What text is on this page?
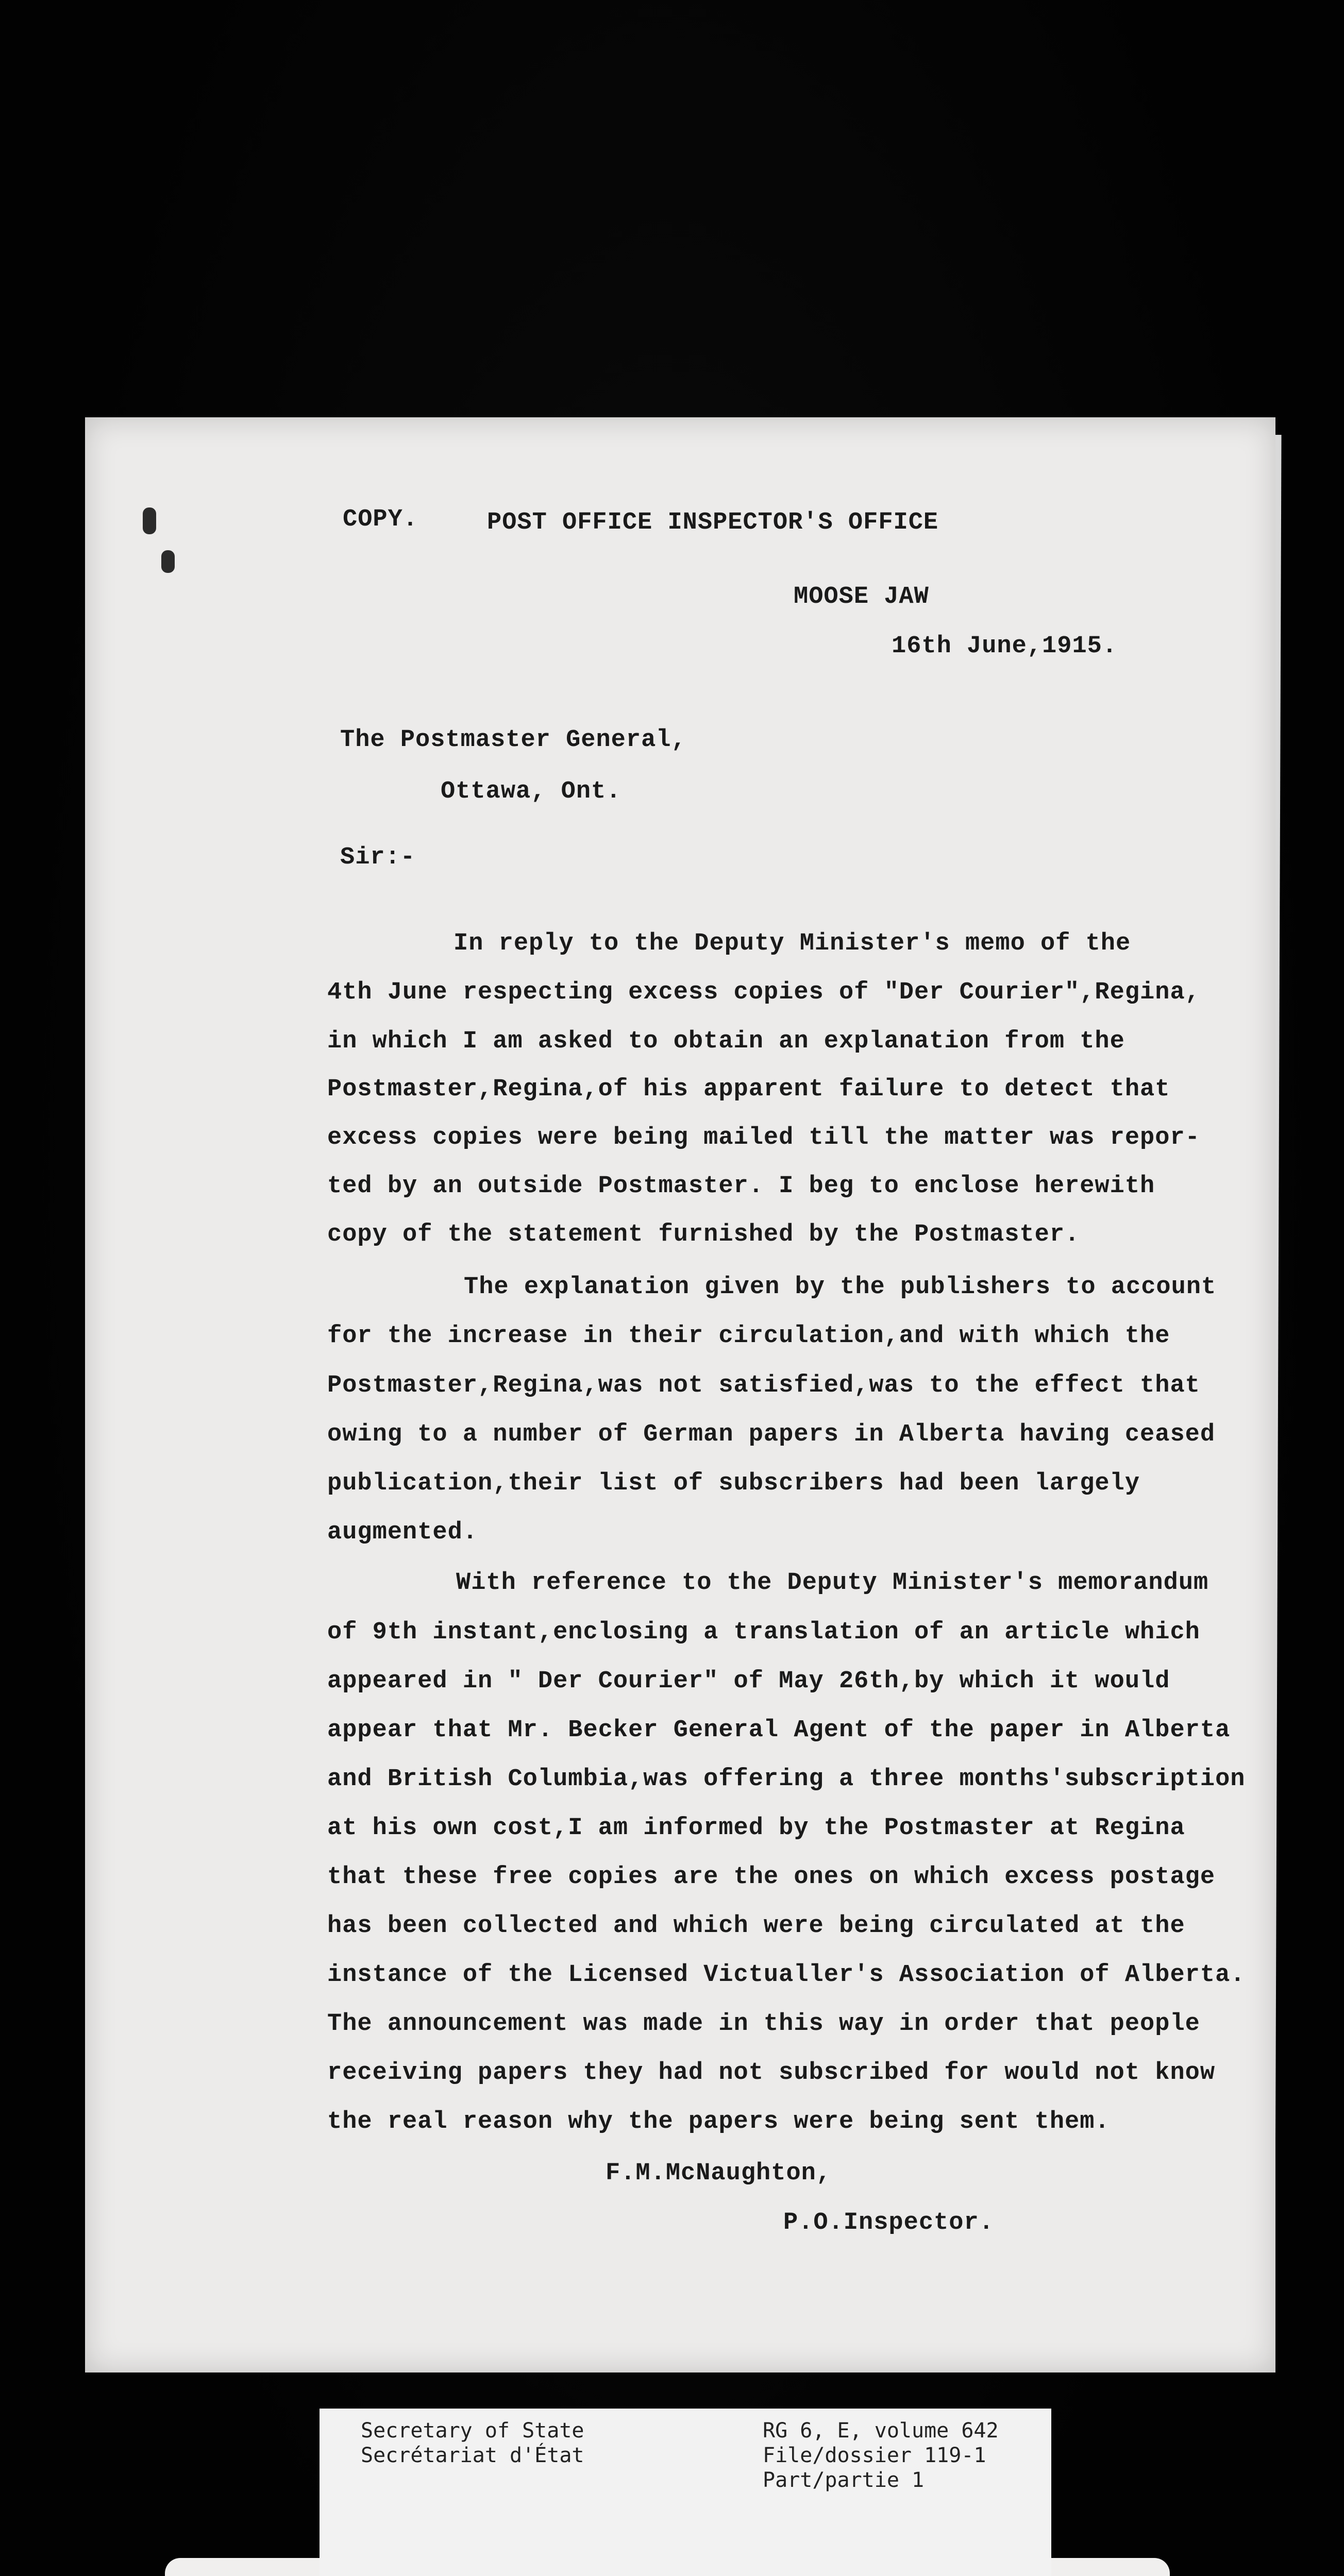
COPY.	POST OFFICE INSPECTOR'S OFFICE
MOOSE JAW
16th June,1915.
The Postmaster General,
Ottawa, Ont.
Sir:-
In reply to the Deputy Minister's memo of the
4th June respecting excess copies of "Der Courier",Regina,
in which I am asked to obtain an explanation from the
Postmaster,Regina,of his apparent failure to detect that
excess copies were being mailed till the matter was repor-
ted by an outside Postmaster. I beg to enclose herewith
copy of the statement furnished by the Postmaster.
The explanation given by the publishers to account
for the increase in their circulation,and with which the
Postmaster,Regina,was not satisfied,was to the effect that
owing to a number of German papers in Alberta having ceased
publication,their list of subscribers had been largely
augmented.
With reference to the Deputy Minister's memorandum
of 9th instant,enclosing a translation of an article which
appeared in " Der Courier" of May 26th,by which it would
appear that Mr. Becker General Agent of the paper in Alberta
and British Columbia,was offering a three months'subscription
at his own cost,I am informed by the Postmaster at Regina
that these free copies are the ones on which excess postage
has been collected and which were being circulated at the
instance of the Licensed Victualler's Association of Alberta.
The announcement was made in this way in order that people
receiving papers they had not subscribed for would not know
the real reason why the papers were being sent them.
F.M.McNaughton,
P.O.Inspector.
Secretary of State
Secrétariat d'État
RG 6, E, volume 642
File/dossier 119-1
Part/partie 1
